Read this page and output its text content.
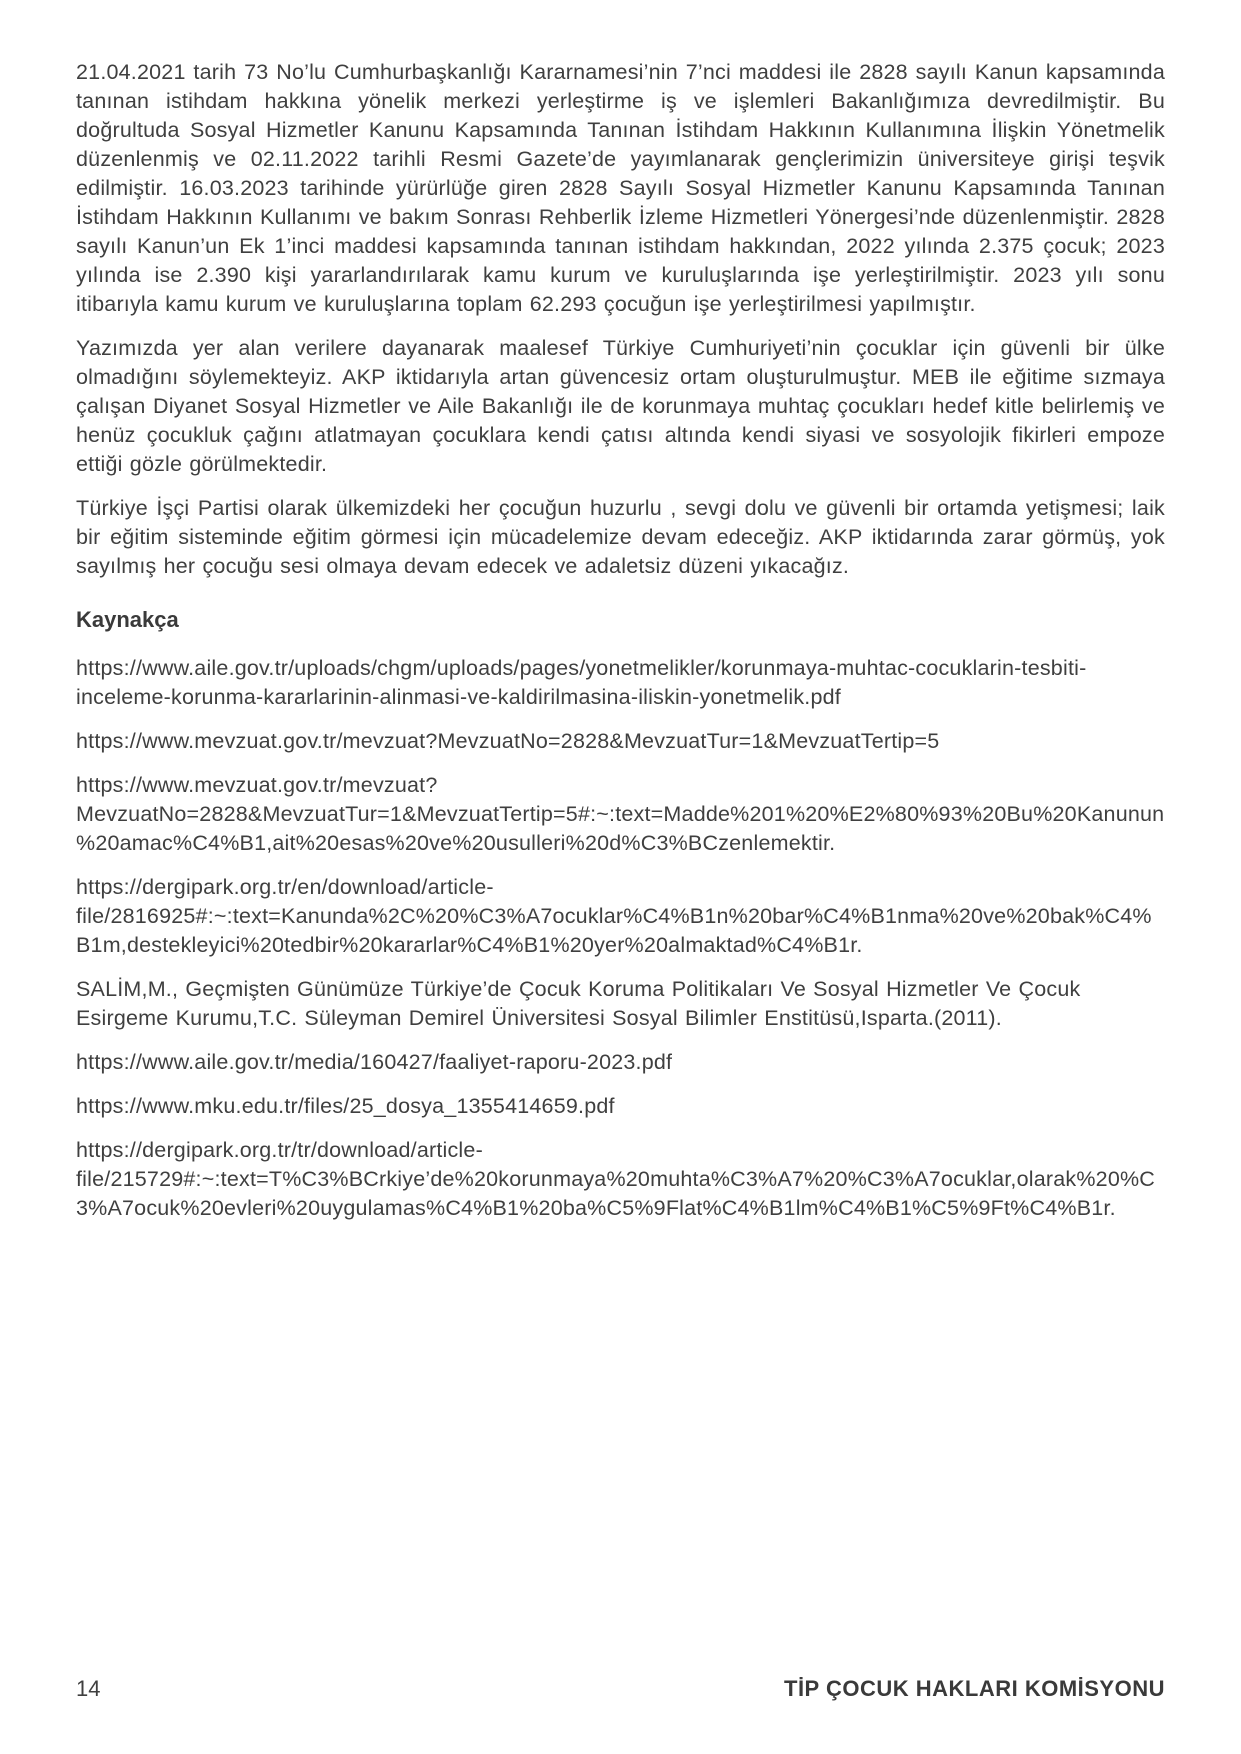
21.04.2021 tarih 73 No’lu Cumhurbaşkanlığı Kararnamesi’nin 7’nci maddesi ile 2828 sayılı Kanun kapsamında tanınan istihdam hakkına yönelik merkezi yerleştirme iş ve işlemleri Bakanlığımıza devredilmiştir. Bu doğrultuda Sosyal Hizmetler Kanunu Kapsamında Tanınan İstihdam Hakkının Kullanımına İlişkin Yönetmelik düzenlenmiş ve 02.11.2022 tarihli Resmi Gazete’de yayımlanarak gençlerimizin üniversiteye girişi teşvik edilmiştir. 16.03.2023 tarihinde yürürlüğe giren 2828 Sayılı Sosyal Hizmetler Kanunu Kapsamında Tanınan İstihdam Hakkının Kullanımı ve bakım Sonrası Rehberlik İzleme Hizmetleri Yönergesi’nde düzenlenmiştir. 2828 sayılı Kanun’un Ek 1’inci maddesi kapsamında tanınan istihdam hakkından, 2022 yılında 2.375 çocuk; 2023 yılında ise 2.390 kişi yararlandırılarak kamu kurum ve kuruluşlarında işe yerleştirilmiştir. 2023 yılı sonu itibarıyla kamu kurum ve kuruluşlarına toplam 62.293 çocuğun işe yerleştirilmesi yapılmıştır.

Yazımızda yer alan verilere dayanarak maalesef Türkiye Cumhuriyeti’nin çocuklar için güvenli bir ülke olmadığını söylemekteyiz. AKP iktidarıyla artan güvencesiz ortam oluşturulmuştur. MEB ile eğitime sızmaya çalışan Diyanet Sosyal Hizmetler ve Aile Bakanlığı ile de korunmaya muhtaç çocukları hedef kitle belirlemiş ve henüz çocukluk çağını atlatmayan çocuklara kendi çatısı altında kendi siyasi ve sosyolojik fikirleri empoze ettiği gözle görülmektedir.

Türkiye İşçi Partisi olarak ülkemizdeki her çocuğun huzurlu , sevgi dolu ve güvenli bir ortamda yetişmesi; laik bir eğitim sisteminde eğitim görmesi için mücadelemize devam edeceğiz. AKP iktidarında zarar görmüş, yok sayılmış her çocuğu sesi olmaya devam edecek ve adaletsiz düzeni yıkacağız.

Kaynakça

https://www.aile.gov.tr/uploads/chgm/uploads/pages/yonetmelikler/korunmaya-muhtac-cocuklarin-tesbiti-inceleme-korunma-kararlarinin-alinmasi-ve-kaldirilmasina-iliskin-yonetmelik.pdf

https://www.mevzuat.gov.tr/mevzuat?MevzuatNo=2828&MevzuatTur=1&MevzuatTertip=5

https://www.mevzuat.gov.tr/mevzuat?MevzuatNo=2828&MevzuatTur=1&MevzuatTertip=5#:~:text=Madde%201%20%E2%80%93%20Bu%20Kanunun%20amac%C4%B1,ait%20esas%20ve%20usulleri%20d%C3%BCzenlemektir.

https://dergipark.org.tr/en/download/article-file/2816925#:~:text=Kanunda%2C%20%C3%A7ocuklar%C4%B1n%20bar%C4%B1nma%20ve%20bak%C4%B1m,destekleyici%20tedbir%20kararlar%C4%B1%20yer%20almaktad%C4%B1r.

SALİM,M., Geçmişten Günümüze Türkiye’de Çocuk Koruma Politikaları Ve Sosyal Hizmetler Ve Çocuk Esirgeme Kurumu,T.C. Süleyman Demirel Üniversitesi Sosyal Bilimler Enstitüsü,Isparta.(2011).

https://www.aile.gov.tr/media/160427/faaliyet-raporu-2023.pdf

https://www.mku.edu.tr/files/25_dosya_1355414659.pdf

https://dergipark.org.tr/tr/download/article-file/215729#:~:text=T%C3%BCrkiye’de%20korunmaya%20muhta%C3%A7%20%C3%A7ocuklar,olarak%20%C3%A7ocuk%20evleri%20uygulamas%C4%B1%20ba%C5%9Flat%C4%B1lm%C4%B1%C5%9Ft%C4%B1r.

14	TİP ÇOCUK HAKLARI KOMİSYONU
